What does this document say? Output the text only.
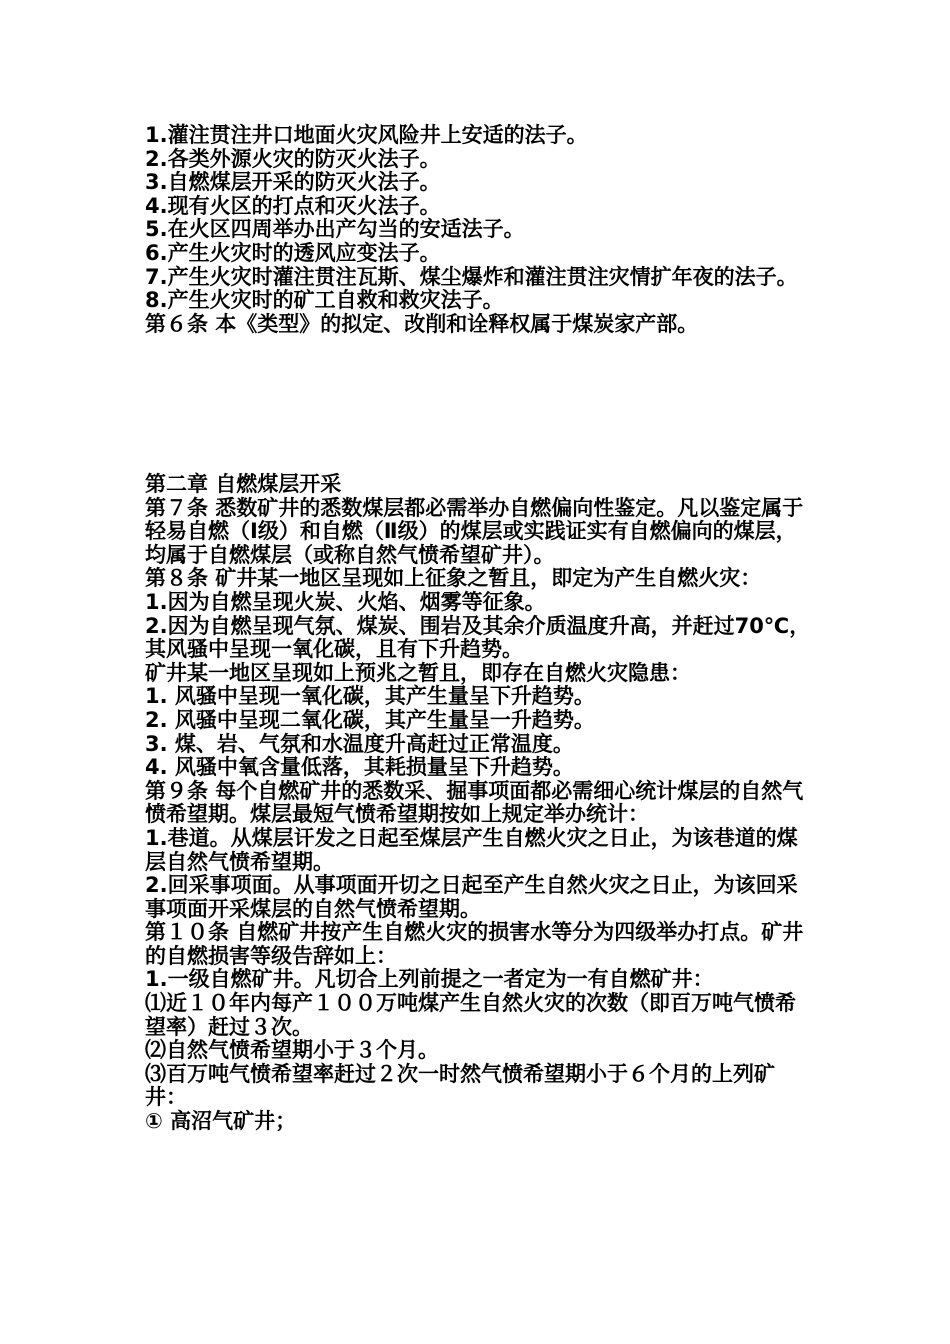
1.灌注贯注井口地面火灾风险井上安适的法子。

2.各类外源火灾的防灭火法子。

3.自燃煤层开采的防灭火法子。

4.现有火区的打点和灭火法子。

5.在火区四周举办出产勾当的安适法子。

6.产生火灾时的透风应变法子。

7.产生火灾时灌注贯注瓦斯、煤尘爆炸和灌注贯注灾情扩年夜的法子。

8.产生火灾时的矿工自救和救灾法子。

第６条 本《类型》的拟定、改削和诠释权属于煤炭家产部。

第二章 自燃煤层开采

第７条 悉数矿井的悉数煤层都必需举办自燃偏向性鉴定。凡以鉴定属于轻易自燃（Ⅰ级）和自燃（Ⅱ级）的煤层或实践证实有自燃偏向的煤层，均属于自燃煤层（或称自然气愤希望矿井）。

第８条 矿井某一地区呈现如上征象之暂且，即定为产生自燃火灾：

1.因为自燃呈现火炭、火焰、烟雾等征象。

2.因为自燃呈现气氛、煤炭、围岩及其余介质温度升高，并赶过70℃，其风骚中呈现一氧化碳，且有下升趋势。

矿井某一地区呈现如上预兆之暂且，即存在自燃火灾隐患：

1. 风骚中呈现一氧化碳，其产生量呈下升趋势。

2. 风骚中呈现二氧化碳，其产生量呈一升趋势。

3. 煤、岩、气氛和水温度升高赶过正常温度。

4. 风骚中氧含量低落，其耗损量呈下升趋势。

第９条 每个自燃矿井的悉数采、掘事项面都必需细心统计煤层的自然气愤希望期。煤层最短气愤希望期按如上规定举办统计：

1.巷道。从煤层讦发之日起至煤层产生自燃火灾之日止，为该巷道的煤层自然气愤希望期。

2.回采事项面。从事项面开切之日起至产生自然火灾之日止，为该回采事项面开采煤层的自然气愤希望期。

第１０条 自燃矿井按产生自燃火灾的损害水等分为四级举办打点。矿井的自燃损害等级告辞如上：

1.一级自燃矿井。凡切合上列前提之一者定为一有自燃矿井：

⑴近１０年内每产１００万吨煤产生自然火灾的次数（即百万吨气愤希望率）赶过３次。

⑵自然气愤希望期小于３个月。

⑶百万吨气愤希望率赶过２次一时然气愤希望期小于６个月的上列矿井：

① 高沼气矿井；
